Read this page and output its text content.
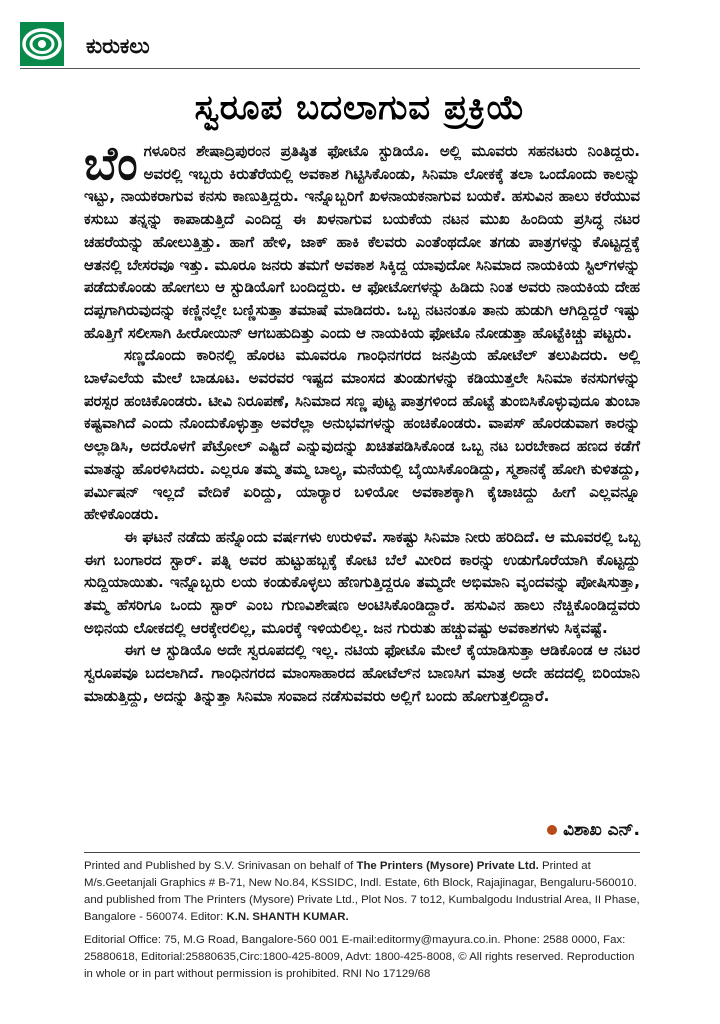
ಕುರುಕಲು
ಸ್ವರೂಪ ಬದಲಾಗುವ ಪ್ರಕ್ರಿಯೆ
ಬೆಂ ಗಳೂರಿನ ಶೇಷಾದ್ರಿಪುರಂನ ಪ್ರತಿಷ್ಠಿತ ಫೋಟೊ ಸ್ಟುಡಿಯೊ. ಅಲ್ಲಿ ಮೂವರು ಸಹನಟರು ನಿಂತಿದ್ದರು. ಅವರಲ್ಲಿ ಇಬ್ಬರು ಕಿರುತೆರೆಯಲ್ಲಿ ಅವಕಾಶ ಗಿಟ್ಟಿಸಿಕೊಂಡು, ಸಿನಿಮಾ ಲೋಕಕ್ಕೆ ತಲಾ ಒಂದೊಂದು ಕಾಲನ್ನು ಇಟ್ಟು, ನಾಯಕರಾಗುವ ಕನಸು ಕಾಣುತ್ತಿದ್ದರು. ಇನ್ನೊಬ್ಬರಿಗೆ ಖಳನಾಯಕನಾಗುವ ಬಯಕೆ. ಹಸುವಿನ ಹಾಲು ಕರೆಯುವ ಕಸುಬು ತನ್ನನ್ನು ಕಾಪಾಡುತ್ತಿದೆ ಎಂದಿದ್ದ ಈ ಖಳನಾಗುವ ಬಯಕೆಯ ನಟನ ಮುಖ ಹಿಂದಿಯ ಪ್ರಸಿದ್ಧ ನಟರ ಚಹರೆಯನ್ನು ಹೋಲುತ್ತಿತ್ತು. ಹಾಗೆ ಹೇಳಿ, ಜಾಕ್ ಹಾಕಿ ಕೆಲವರು ಎಂತೆಂಥದೋ ತಗಡು ಪಾತ್ರಗಳನ್ನು ಕೊಟ್ಟದ್ದಕ್ಕೆ ಆತನಲ್ಲಿ ಬೇಸರವೂ ಇತ್ತು. ಮೂರೂ ಜನರು ತಮಗೆ ಅವಕಾಶ ಸಿಕ್ಕಿದ್ದ ಯಾವುದೋ ಸಿನಿಮಾದ ನಾಯಕಿಯ ಸ್ಟಿಲ್‌ಗಳನ್ನು ಪಡೆದುಕೊಂಡು ಹೋಗಲು ಆ ಸ್ಟುಡಿಯೊಗೆ ಬಂದಿದ್ದರು. ಆ ಫೋಟೋಗಳನ್ನು ಹಿಡಿದು ನಿಂತ ಅವರು ನಾಯಕಿಯ ದೇಹ ದಪ್ಪಗಾಗಿರುವುದನ್ನು ಕಣ್ಣಿನಲ್ಲೇ ಬಣ್ಣಿಸುತ್ತಾ ತಮಾಷೆ ಮಾಡಿದರು. ಒಬ್ಬ ನಟನಂತೂ ತಾನು ಹುಡುಗಿ ಆಗಿದ್ದಿದ್ದರೆ ಇಷ್ಟು ಹೊತ್ತಿಗೆ ಸಲೀಸಾಗಿ ಹೀರೋಯಿನ್ ಆಗಬಹುದಿತ್ತು ಎಂದು ಆ ನಾಯಕಿಯ ಫೋಟೊ ನೋಡುತ್ತಾ ಹೊಟ್ಟೆಕಿಚ್ಚು ಪಟ್ಟರು.

ಸಣ್ಣದೊಂದು ಕಾರಿನಲ್ಲಿ ಹೊರಟ ಮೂವರೂ ಗಾಂಧಿನಗರದ ಜನಪ್ರಿಯ ಹೋಟೆಲ್ ತಲುಪಿದರು. ಅಲ್ಲಿ ಬಾಳೆಎಲೆಯ ಮೇಲೆ ಬಾಡೂಟ. ಅವರವರ ಇಷ್ಟದ ಮಾಂಸದ ತುಂಡುಗಳನ್ನು ಕಡಿಯುತ್ತಲೇ ಸಿನಿಮಾ ಕನಸುಗಳನ್ನು ಪರಸ್ಪರ ಹಂಚಿಕೊಂಡರು. ಟೀವಿ ನಿರೂಪಣೆ, ಸಿನಿಮಾದ ಸಣ್ಣ ಪುಟ್ಟ ಪಾತ್ರಗಳಿಂದ ಹೊಟ್ಟೆ ತುಂಬಿಸಿಕೊಳ್ಳುವುದೂ ತುಂಬಾ ಕಷ್ಟವಾಗಿದೆ ಎಂದು ನೊಂದುಕೊಳ್ಳುತ್ತಾ ಅವರೆಲ್ಲಾ ಅನುಭವಗಳನ್ನು ಹಂಚಿಕೊಂಡರು. ವಾಪಸ್ ಹೊರಡುವಾಗ ಕಾರನ್ನು ಅಲ್ಲಾಡಿಸಿ, ಅದರೊಳಗೆ ಪೆಟ್ರೋಲ್ ಎಷ್ಟಿದೆ ಎನ್ನುವುದನ್ನು ಖಚಿತಪಡಿಸಿಕೊಂಡ ಒಬ್ಬ ನಟ ಬರಬೇಕಾದ ಹಣದ ಕಡೆಗೆ ಮಾತನ್ನು ಹೊರಳಿಸಿದರು. ಎಲ್ಲರೂ ತಮ್ಮ ತಮ್ಮ ಬಾಲ್ಯ, ಮನೆಯಲ್ಲಿ ಬೈಯಿಸಿಕೊಂಡಿದ್ದು, ಸ್ಮಶಾನಕ್ಕೆ ಹೋಗಿ ಕುಳಿತದ್ದು, ಪರ್ಮಿಷನ್ ಇಲ್ಲದೆ ವೇದಿಕೆ ಏರಿದ್ದು, ಯಾರ್‍ಯಾರ ಬಳಿಯೋ ಅವಕಾಶಕ್ಕಾಗಿ ಕೈಚಾಚಿದ್ದು ಹೀಗೆ ಎಲ್ಲವನ್ನೂ ಹೇಳಿಕೊಂಡರು.

ಈ ಘಟನೆ ನಡೆದು ಹನ್ನೊಂದು ವರ್ಷಗಳು ಉರುಳಿವೆ. ಸಾಕಷ್ಟು ಸಿನಿಮಾ ನೀರು ಹರಿದಿದೆ. ಆ ಮೂವರಲ್ಲಿ ಒಬ್ಬ ಈಗ ಬಂಗಾರದ ಸ್ಟಾರ್. ಪತ್ನಿ ಅವರ ಹುಟ್ಟುಹಬ್ಬಕ್ಕೆ ಕೋಟಿ ಬೆಲೆ ಮೀರಿದ ಕಾರನ್ನು ಉಡುಗೊರೆಯಾಗಿ ಕೊಟ್ಟದ್ದು ಸುದ್ದಿಯಾಯಿತು. ಇನ್ನೊಬ್ಬರು ಲಯ ಕಂಡುಕೊಳ್ಳಲು ಹೆಣಗುತ್ತಿದ್ದರೂ ತಮ್ಮದೇ ಅಭಿಮಾನಿ ವೃಂದವನ್ನು ಪೋಷಿಸುತ್ತಾ, ತಮ್ಮ ಹೆಸರಿಗೂ ಒಂದು ಸ್ಟಾರ್ ಎಂಬ ಗುಣವಿಶೇಷಣ ಅಂಟಿಸಿಕೊಂಡಿದ್ದಾರೆ. ಹಸುವಿನ ಹಾಲು ನೆಚ್ಚಿಕೊಂಡಿದ್ದವರು ಅಭಿನಯ ಲೋಕದಲ್ಲಿ ಆರಕ್ಕೇರಲಿಲ್ಲ, ಮೂರಕ್ಕೆ ಇಳಿಯಲಿಲ್ಲ. ಜನ ಗುರುತು ಹಚ್ಚುವಷ್ಟು ಅವಕಾಶಗಳು ಸಿಕ್ಕವಷ್ಟೆ.

ಈಗ ಆ ಸ್ಟುಡಿಯೊ ಅದೇ ಸ್ವರೂಪದಲ್ಲಿ ಇಲ್ಲ. ನಟಿಯ ಫೋಟೊ ಮೇಲೆ ಕೈಯಾಡಿಸುತ್ತಾ ಆಡಿಕೊಂಡ ಆ ನಟರ ಸ್ವರೂಪವೂ ಬದಲಾಗಿದೆ. ಗಾಂಧಿನಗರದ ಮಾಂಸಾಹಾರದ ಹೋಟೆಲ್‌ನ ಬಾಣಸಿಗ ಮಾತ್ರ ಅದೇ ಹದದಲ್ಲಿ ಬಿರಿಯಾನಿ ಮಾಡುತ್ತಿದ್ದು, ಅದನ್ನು ತಿನ್ನುತ್ತಾ ಸಿನಿಮಾ ಸಂವಾದ ನಡೆಸುವವರು ಅಲ್ಲಿಗೆ ಬಂದು ಹೋಗುತ್ತಲಿದ್ದಾರೆ.

ವಿಶಾಖ ಎನ್.

Printed and Published by S.V. Srinivasan on behalf of The Printers (Mysore) Private Ltd. Printed at M/s.Geetanjali Graphics # B-71, New No.84, KSSIDC, Indl. Estate, 6th Block, Rajajinagar, Bengaluru-560010. and published from The Printers (Mysore) Private Ltd., Plot Nos. 7 to12, Kumbalgodu Industrial Area, II Phase, Bangalore - 560074. Editor: K.N. SHANTH KUMAR.

Editorial Office: 75, M.G Road, Bangalore-560 001 E-mail:editormy@mayura.co.in. Phone: 2588 0000, Fax: 25880618, Editorial:25880635,Circ:1800-425-8009, Advt: 1800-425-8008, © All rights reserved. Reproduction in whole or in part without permission is prohibited. RNI No 17129/68
